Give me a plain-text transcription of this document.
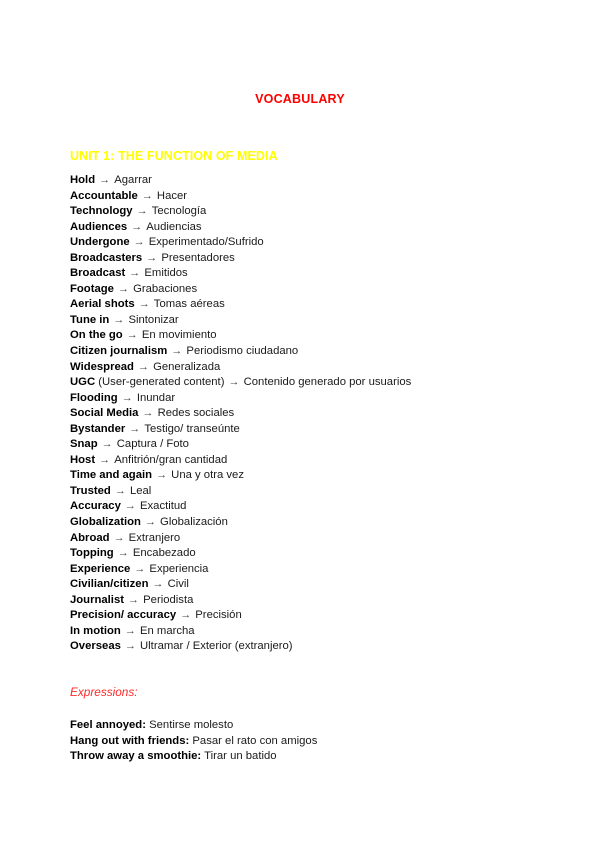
VOCABULARY
UNIT 1: THE FUNCTION OF MEDIA
Hold → Agarrar
Accountable → Hacer
Technology → Tecnología
Audiences → Audiencias
Undergone → Experimentado/Sufrido
Broadcasters → Presentadores
Broadcast → Emitidos
Footage → Grabaciones
Aerial shots → Tomas aéreas
Tune in → Sintonizar
On the go → En movimiento
Citizen journalism → Periodismo ciudadano
Widespread → Generalizada
UGC (User-generated content) → Contenido generado por usuarios
Flooding → Inundar
Social Media → Redes sociales
Bystander → Testigo/ transeúnte
Snap → Captura / Foto
Host → Anfitrión/gran cantidad
Time and again → Una y otra vez
Trusted → Leal
Accuracy → Exactitud
Globalization → Globalización
Abroad → Extranjero
Topping → Encabezado
Experience → Experiencia
Civilian/citizen → Civil
Journalist → Periodista
Precision/ accuracy → Precisión
In motion → En marcha
Overseas → Ultramar / Exterior (extranjero)
Expressions:
Feel annoyed: Sentirse molesto
Hang out with friends: Pasar el rato con amigos
Throw away a smoothie: Tirar un batido
